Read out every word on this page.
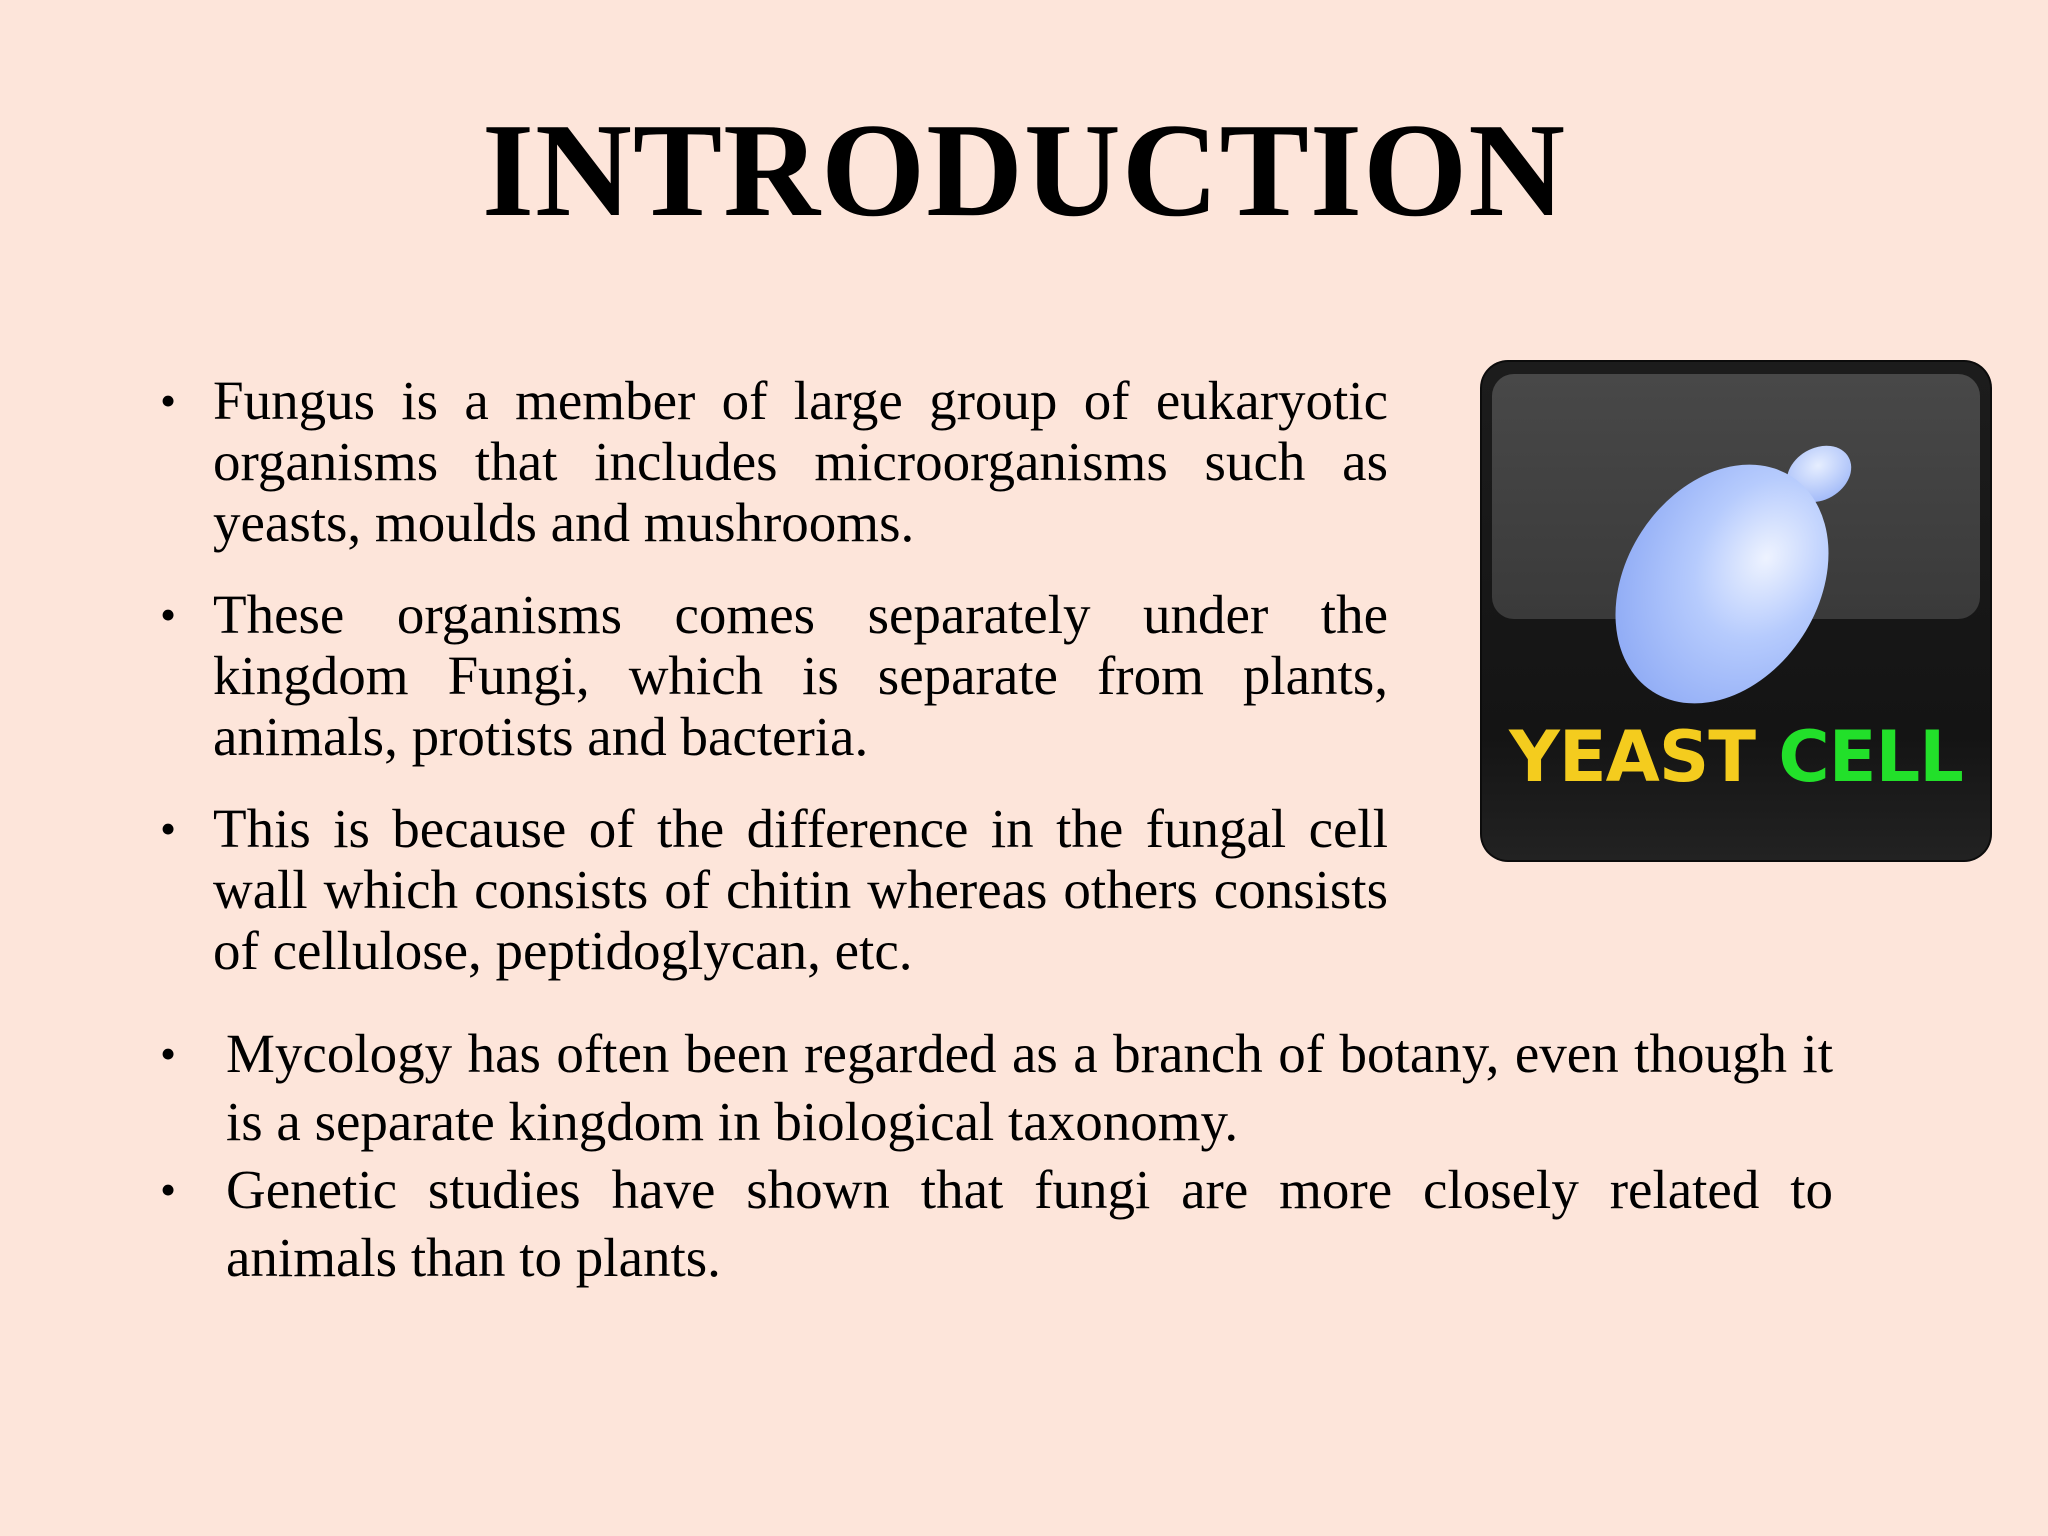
INTRODUCTION
• Fungus is a member of large group of eukaryotic organisms that includes microorganisms such as yeasts, moulds and mushrooms.
• These organisms comes separately under the kingdom Fungi, which is separate from plants, animals, protists and bacteria.
• This is because of the difference in the fungal cell wall which consists of chitin whereas others consists of cellulose, peptidoglycan, etc.
YEAST CELL
• Mycology has often been regarded as a branch of botany, even though it is a separate kingdom in biological taxonomy.
• Genetic studies have shown that fungi are more closely related to animals than to plants.
